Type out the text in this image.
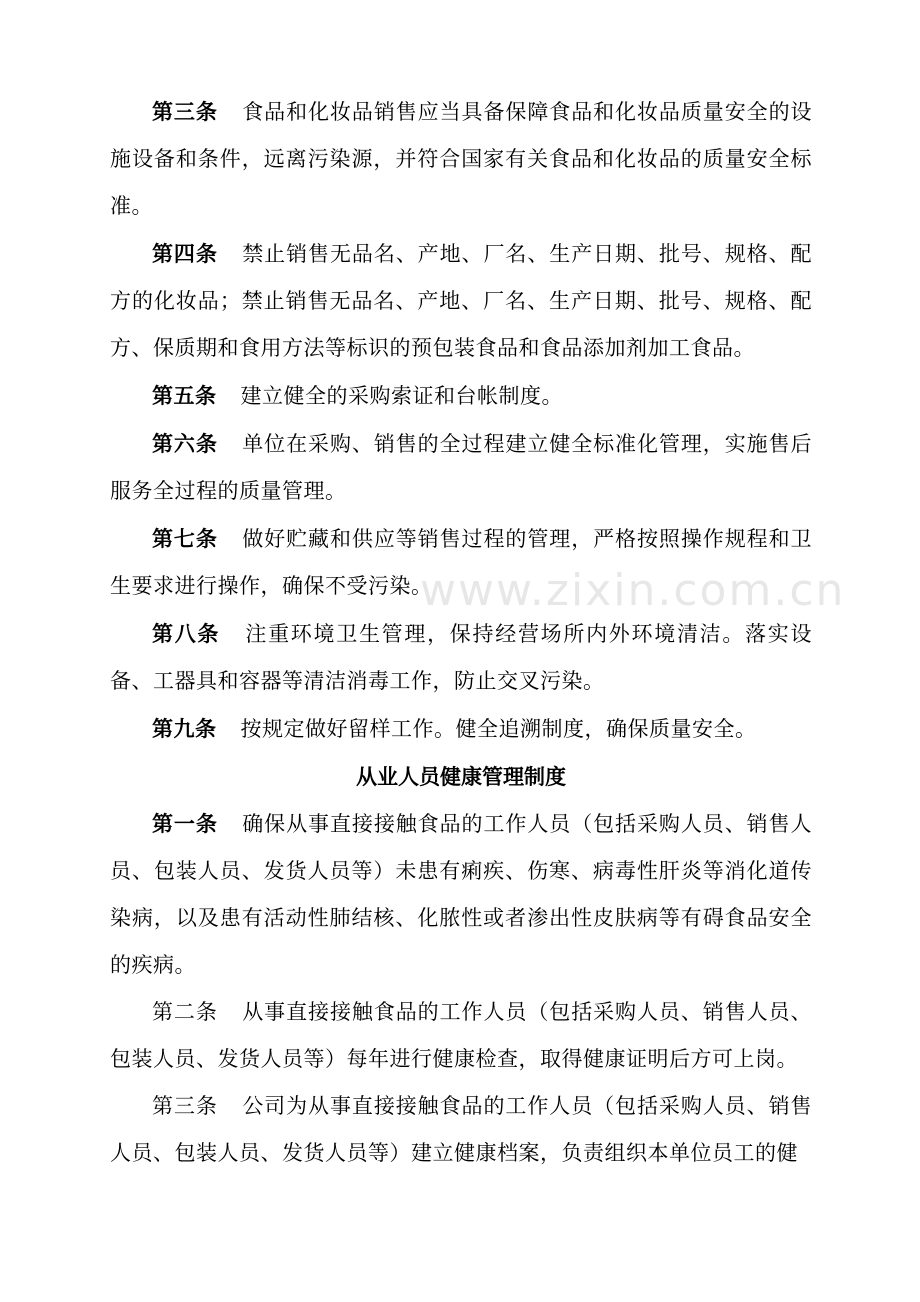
第三条 食品和化妆品销售应当具备保障食品和化妆品质量安全的设施设备和条件，远离污染源，并符合国家有关食品和化妆品的质量安全标准。

第四条 禁止销售无品名、产地、厂名、生产日期、批号、规格、配方的化妆品；禁止销售无品名、产地、厂名、生产日期、批号、规格、配方、保质期和食用方法等标识的预包装食品和食品添加剂加工食品。

第五条 建立健全的采购索证和台帐制度。

第六条 单位在采购、销售的全过程建立健全标准化管理，实施售后服务全过程的质量管理。

第七条 做好贮藏和供应等销售过程的管理，严格按照操作规程和卫生要求进行操作，确保不受污染。

第八条 注重环境卫生管理，保持经营场所内外环境清洁。落实设备、工器具和容器等清洁消毒工作，防止交叉污染。

第九条 按规定做好留样工作。健全追溯制度，确保质量安全。

从业人员健康管理制度

第一条 确保从事直接接触食品的工作人员（包括采购人员、销售人员、包装人员、发货人员等）未患有痢疾、伤寒、病毒性肝炎等消化道传染病，以及患有活动性肺结核、化脓性或者渗出性皮肤病等有碍食品安全的疾病。

第二条 从事直接接触食品的工作人员（包括采购人员、销售人员、包装人员、发货人员等）每年进行健康检查，取得健康证明后方可上岗。

第三条 公司为从事直接接触食品的工作人员（包括采购人员、销售人员、包装人员、发货人员等）建立健康档案，负责组织本单位员工的健

www.zixin.com.cn
